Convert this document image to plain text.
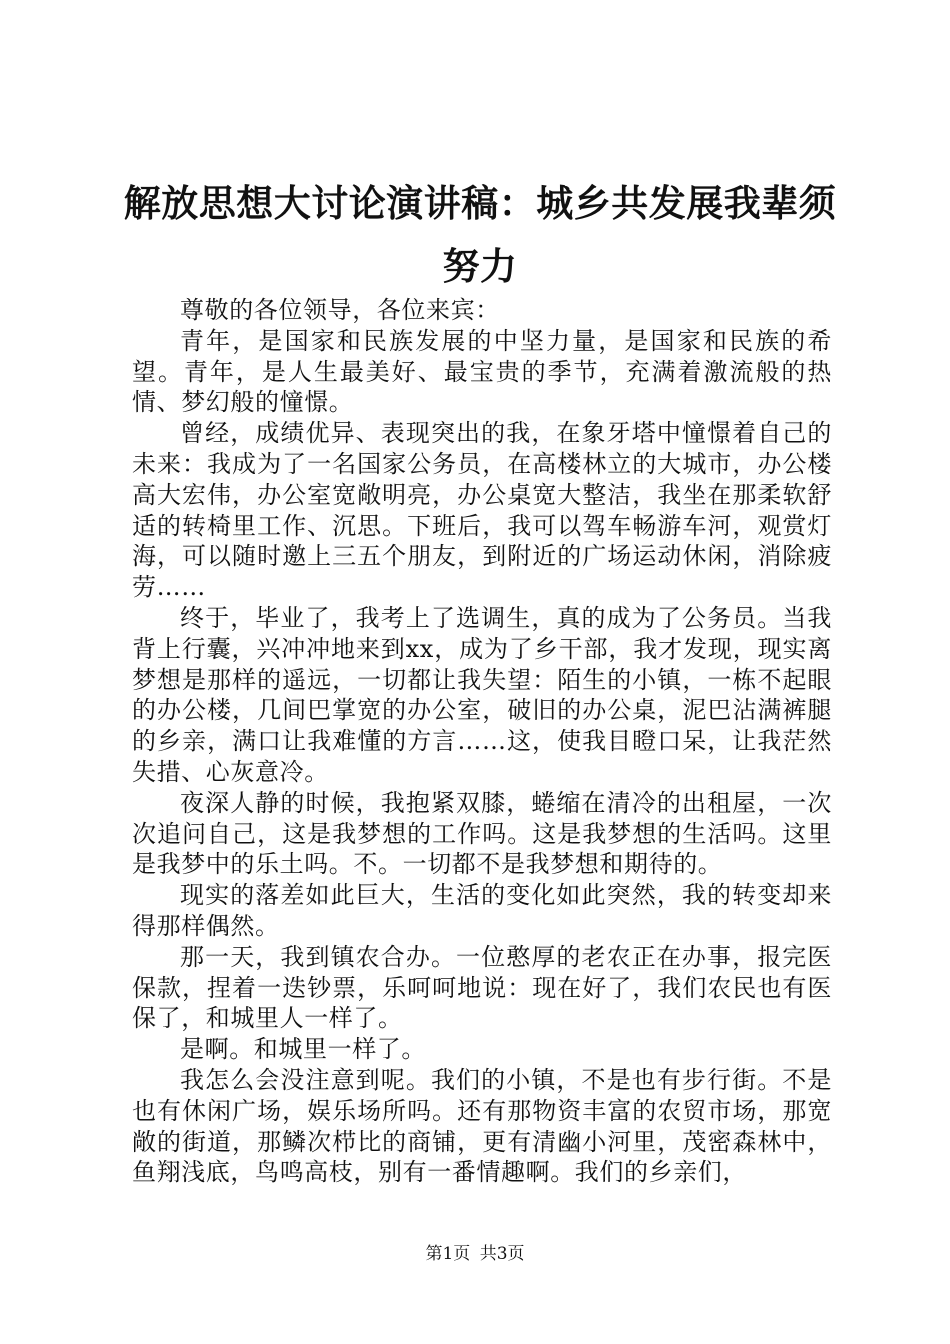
解放思想大讨论演讲稿：城乡共发展我辈须努力

尊敬的各位领导，各位来宾：

青年，是国家和民族发展的中坚力量，是国家和民族的希望。青年，是人生最美好、最宝贵的季节，充满着激流般的热情、梦幻般的憧憬。

曾经，成绩优异、表现突出的我，在象牙塔中憧憬着自己的未来：我成为了一名国家公务员，在高楼林立的大城市，办公楼高大宏伟，办公室宽敞明亮，办公桌宽大整洁，我坐在那柔软舒适的转椅里工作、沉思。下班后，我可以驾车畅游车河，观赏灯海，可以随时邀上三五个朋友，到附近的广场运动休闲，消除疲劳……

终于，毕业了，我考上了选调生，真的成为了公务员。当我背上行囊，兴冲冲地来到xx，成为了乡干部，我才发现，现实离梦想是那样的遥远，一切都让我失望：陌生的小镇，一栋不起眼的办公楼，几间巴掌宽的办公室，破旧的办公桌，泥巴沾满裤腿的乡亲，满口让我难懂的方言……这，使我目瞪口呆，让我茫然失措、心灰意冷。

夜深人静的时候，我抱紧双膝，蜷缩在清冷的出租屋，一次次追问自己，这是我梦想的工作吗。这是我梦想的生活吗。这里是我梦中的乐土吗。不。一切都不是我梦想和期待的。

现实的落差如此巨大，生活的变化如此突然，我的转变却来得那样偶然。

那一天，我到镇农合办。一位憨厚的老农正在办事，报完医保款，捏着一迭钞票，乐呵呵地说：现在好了，我们农民也有医保了，和城里人一样了。

是啊。和城里一样了。

我怎么会没注意到呢。我们的小镇，不是也有步行街。不是也有休闲广场，娱乐场所吗。还有那物资丰富的农贸市场，那宽敞的街道，那鳞次栉比的商铺，更有清幽小河里，茂密森林中，鱼翔浅底，鸟鸣高枝，别有一番情趣啊。我们的乡亲们，

第1页 共3页
